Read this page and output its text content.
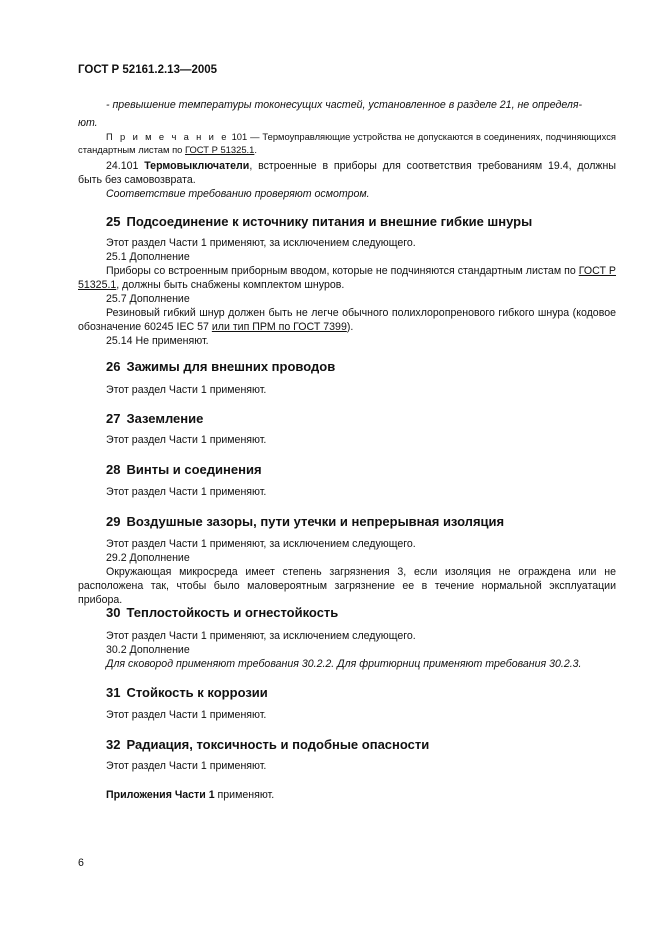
ГОСТ Р 52161.2.13—2005

- превышение температуры токонесущих частей, установленное в разделе 21, не определя-

ют.

П р и м е ч а н и е 101 — Термоуправляющие устройства не допускаются в соединениях, подчиняющихся стандартным листам по ГОСТ Р 51325.1.

24.101 Термовыключатели, встроенные в приборы для соответствия требованиям 19.4, должны быть без самовозврата.

Соответствие требованию проверяют осмотром.

25 Подсоединение к источнику питания и внешние гибкие шнуры

Этот раздел Части 1 применяют, за исключением следующего.

25.1 Дополнение

Приборы со встроенным приборным вводом, которые не подчиняются стандартным листам по ГОСТ Р 51325.1, должны быть снабжены комплектом шнуров.

25.7 Дополнение

Резиновый гибкий шнур должен быть не легче обычного полихлоропренового гибкого шнура (кодовое обозначение 60245 IEC 57 или тип ПРМ по ГОСТ 7399).

25.14 Не применяют.

26 Зажимы для внешних проводов
Этот раздел Части 1 применяют.
27 Заземление
Этот раздел Части 1 применяют.
28 Винты и соединения
Этот раздел Части 1 применяют.
29 Воздушные зазоры, пути утечки и непрерывная изоляция

Этот раздел Части 1 применяют, за исключением следующего.

29.2 Дополнение

Окружающая микросреда имеет степень загрязнения 3, если изоляция не ограждена или не расположена так, чтобы было маловероятным загрязнение ее в течение нормальной эксплуатации прибора.

30 Теплостойкость и огнестойкость

Этот раздел Части 1 применяют, за исключением следующего.

30.2 Дополнение

Для сковород применяют требования 30.2.2. Для фритюрниц применяют требования 30.2.3.

31 Стойкость к коррозии
Этот раздел Части 1 применяют.
32 Радиация, токсичность и подобные опасности
Этот раздел Части 1 применяют.
Приложения Части 1 применяют.
6
